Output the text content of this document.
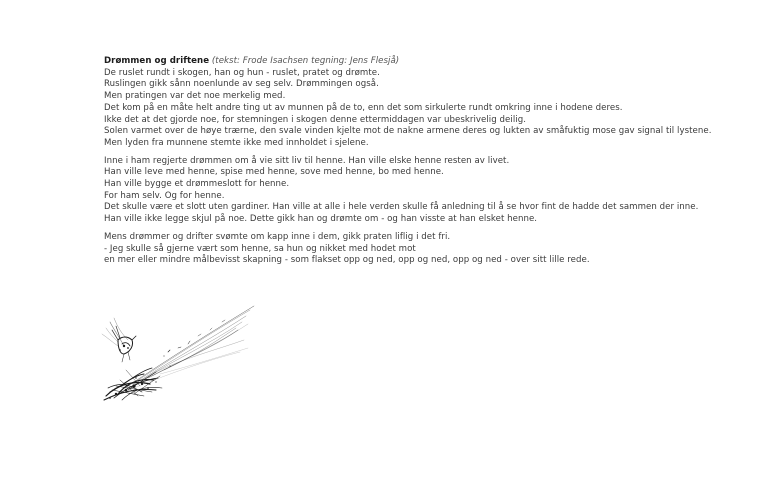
Drømmen og driftene (tekst: Frode Isachsen tegning: Jens Flesjå)

De ruslet rundt i skogen, han og hun - ruslet, pratet og drømte.
Ruslingen gikk sånn noenlunde av seg selv. Drømmingen også.
Men pratingen var det noe merkelig med.
Det kom på en måte helt andre ting ut av munnen på de to, enn det som sirkulerte rundt omkring inne i hodene deres.
Ikke det at det gjorde noe, for stemningen i skogen denne ettermiddagen var ubeskrivelig deilig.
Solen varmet over de høye trærne, den svale vinden kjelte mot de nakne armene deres og lukten av småfuktig mose gav signal til lystene.
Men lyden fra munnene stemte ikke med innholdet i sjelene.

Inne i ham regjerte drømmen om å vie sitt liv til henne. Han ville elske henne resten av livet.
Han ville leve med henne, spise med henne, sove med henne, bo med henne.
Han ville bygge et drømmeslott for henne.
For ham selv. Og for henne.
Det skulle være et slott uten gardiner. Han ville at alle i hele verden skulle få anledning til å se hvor fint de hadde det sammen der inne.
Han ville ikke legge skjul på noe. Dette gikk han og drømte om - og han visste at han elsket henne.

Mens drømmer og drifter svømte om kapp inne i dem, gikk praten liflig i det fri.
- Jeg skulle så gjerne vært som henne, sa hun og nikket med hodet mot
en mer eller mindre målbevisst skapning - som flakset opp og ned, opp og ned, opp og ned - over sitt lille rede.
